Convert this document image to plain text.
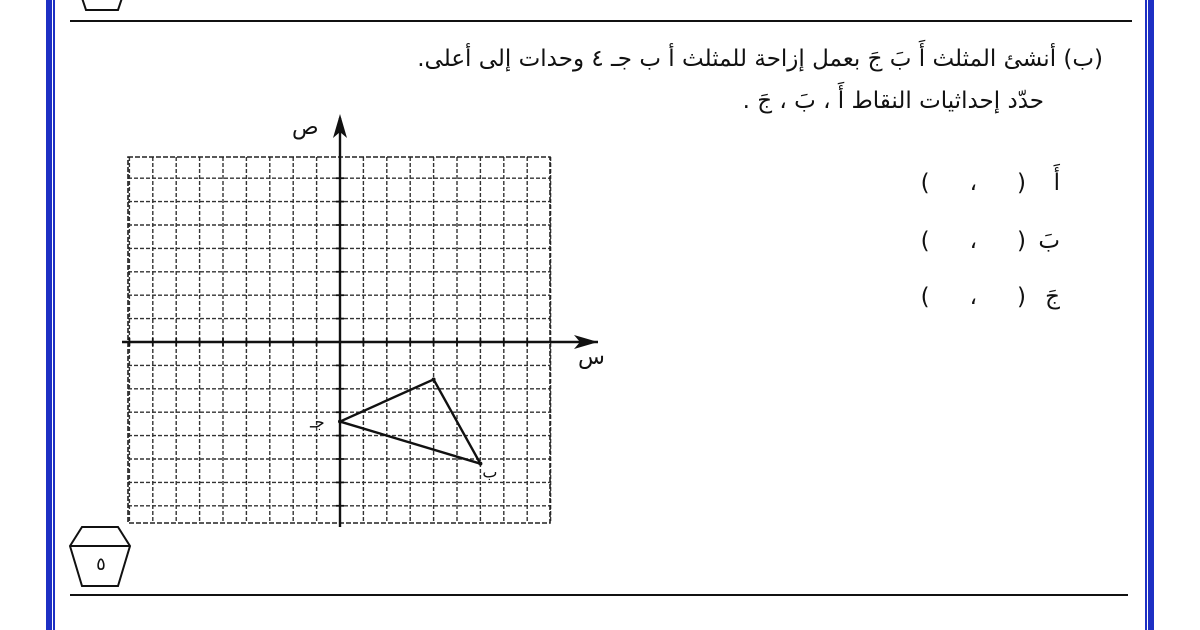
(ب) أنشئ المثلث أَ بَ جَ بعمل إزاحة للمثلث أ ب جـ ٤ وحدات إلى أعلى.
حدّد إحداثيات النقاط أَ ، بَ ، جَ .
أَ
(
،
)
بَ
(
،
)
جَ
(
،
)
ب
جـ
س
ص
٥
